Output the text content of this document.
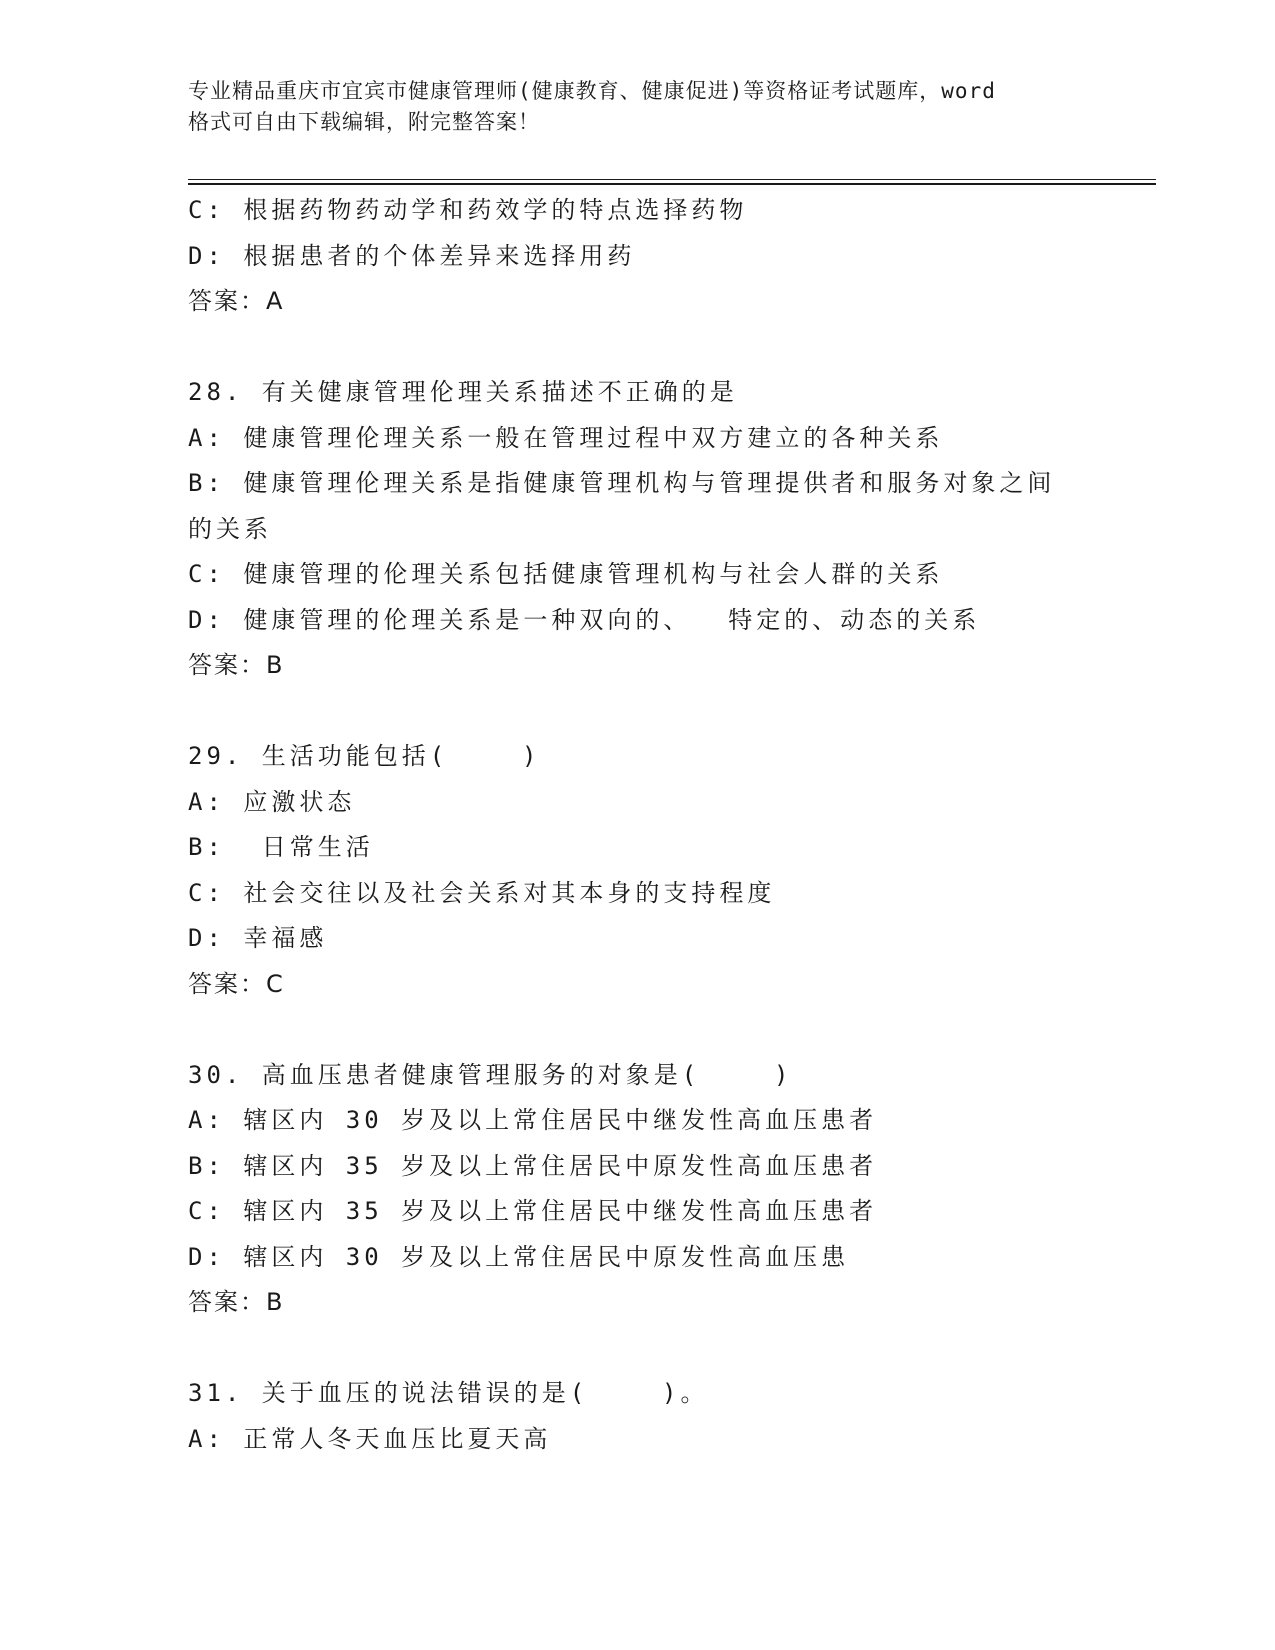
专业精品重庆市宜宾市健康管理师(健康教育、健康促进)等资格证考试题库，word
格式可自由下载编辑，附完整答案！
C: 根据药物药动学和药效学的特点选择药物
D: 根据患者的个体差异来选择用药
答案：A
28. 有关健康管理伦理关系描述不正确的是
A: 健康管理伦理关系一般在管理过程中双方建立的各种关系
B: 健康管理伦理关系是指健康管理机构与管理提供者和服务对象之间
的关系
C: 健康管理的伦理关系包括健康管理机构与社会人群的关系
D: 健康管理的伦理关系是一种双向的、  特定的、动态的关系
答案：B
29. 生活功能包括(    )
A: 应激状态
B:  日常生活
C: 社会交往以及社会关系对其本身的支持程度
D: 幸福感
答案：C
30. 高血压患者健康管理服务的对象是(    )
A: 辖区内 30 岁及以上常住居民中继发性高血压患者
B: 辖区内 35 岁及以上常住居民中原发性高血压患者
C: 辖区内 35 岁及以上常住居民中继发性高血压患者
D: 辖区内 30 岁及以上常住居民中原发性高血压患
答案：B
31. 关于血压的说法错误的是(    )。
A: 正常人冬天血压比夏天高
